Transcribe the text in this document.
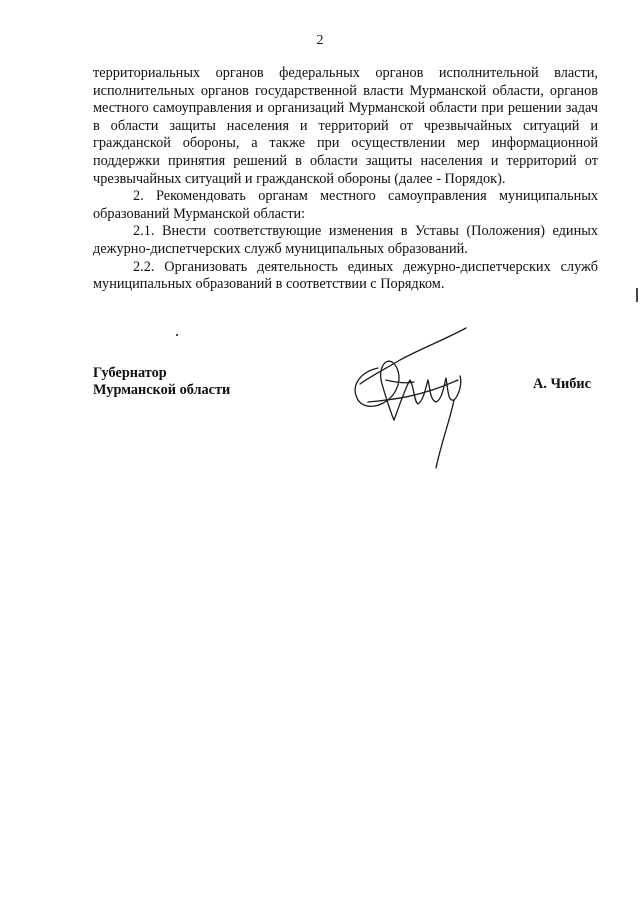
2

территориальных органов федеральных органов исполнительной власти, исполнительных органов государственной власти Мурманской области, органов местного самоуправления и организаций Мурманской области при решении задач в области защиты населения и территорий от чрезвычайных ситуаций и гражданской обороны, а также при осуществлении мер информационной поддержки принятия решений в области защиты населения и территорий от чрезвычайных ситуаций и гражданской обороны (далее - Порядок).

2. Рекомендовать органам местного самоуправления муниципальных образований Мурманской области:

2.1. Внести соответствующие изменения в Уставы (Положения) единых дежурно-диспетчерских служб муниципальных образований.

2.2. Организовать деятельность единых дежурно-диспетчерских служб муниципальных образований в соответствии с Порядком.

Губернатор
Мурманской области	А. Чибис
